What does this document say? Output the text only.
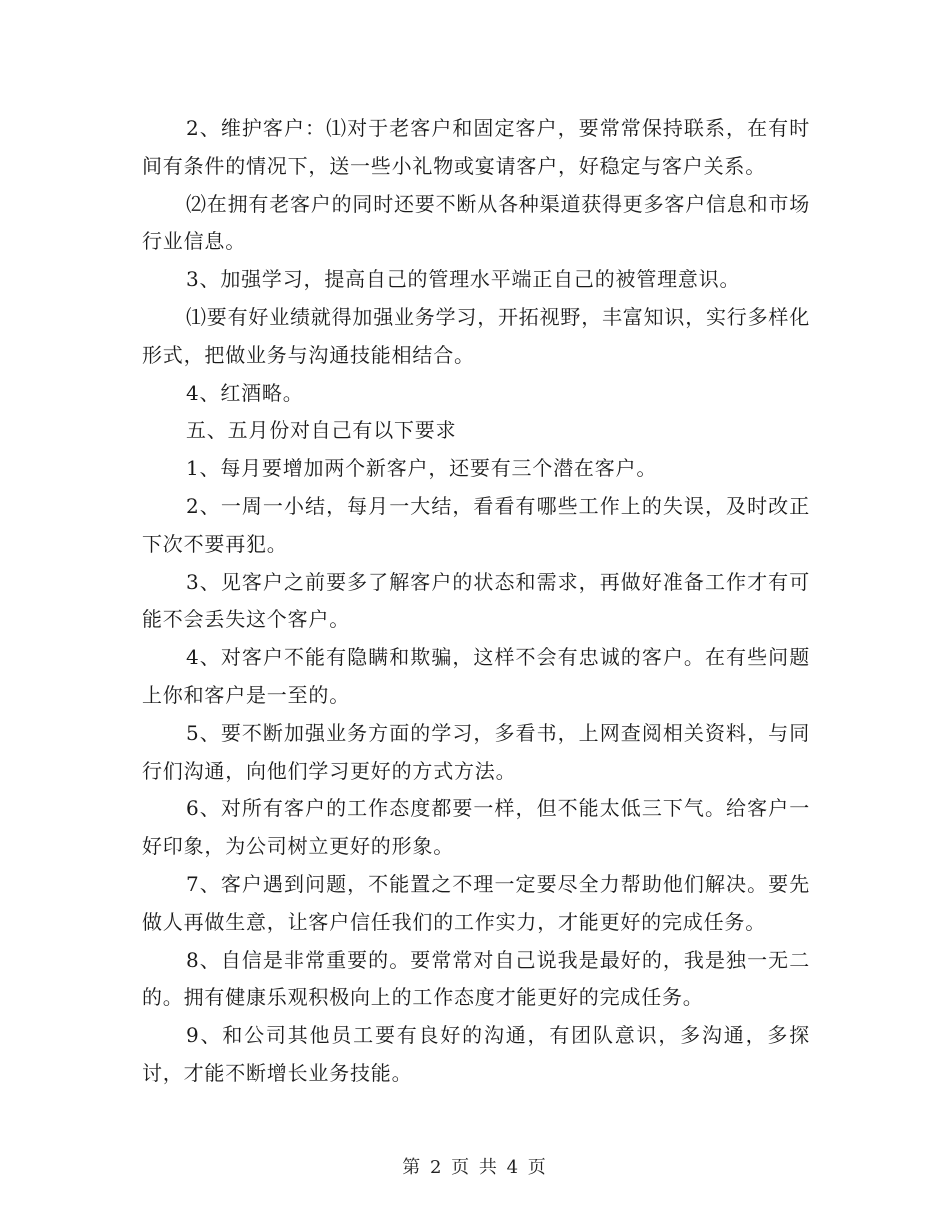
2、维护客户：⑴对于老客户和固定客户，要常常保持联系，在有时间有条件的情况下，送一些小礼物或宴请客户，好稳定与客户关系。

⑵在拥有老客户的同时还要不断从各种渠道获得更多客户信息和市场行业信息。

3、加强学习，提高自己的管理水平端正自己的被管理意识。

⑴要有好业绩就得加强业务学习，开拓视野，丰富知识，实行多样化形式，把做业务与沟通技能相结合。

4、红酒略。

五、五月份对自己有以下要求

1、每月要增加两个新客户，还要有三个潜在客户。

2、一周一小结，每月一大结，看看有哪些工作上的失误，及时改正下次不要再犯。

3、见客户之前要多了解客户的状态和需求，再做好准备工作才有可能不会丢失这个客户。

4、对客户不能有隐瞒和欺骗，这样不会有忠诚的客户。在有些问题上你和客户是一至的。

5、要不断加强业务方面的学习，多看书，上网查阅相关资料，与同行们沟通，向他们学习更好的方式方法。

6、对所有客户的工作态度都要一样，但不能太低三下气。给客户一好印象，为公司树立更好的形象。

7、客户遇到问题，不能置之不理一定要尽全力帮助他们解决。要先做人再做生意，让客户信任我们的工作实力，才能更好的完成任务。

8、自信是非常重要的。要常常对自己说我是最好的，我是独一无二的。拥有健康乐观积极向上的工作态度才能更好的完成任务。

9、和公司其他员工要有良好的沟通，有团队意识，多沟通，多探讨，才能不断增长业务技能。

第 2 页 共 4 页
